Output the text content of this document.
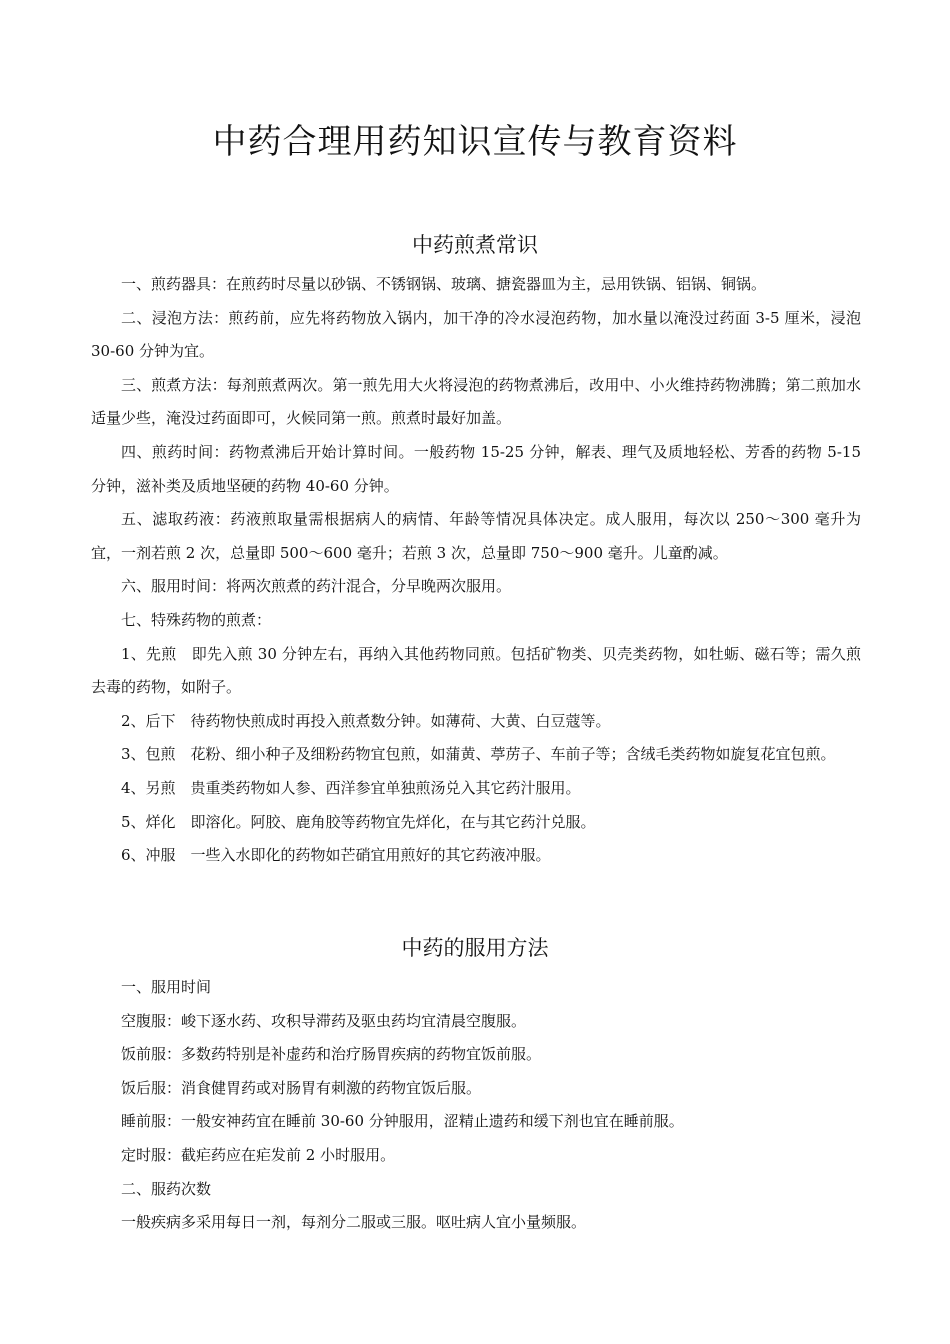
中药合理用药知识宣传与教育资料
中药煎煮常识

一、煎药器具：在煎药时尽量以砂锅、不锈钢锅、玻璃、搪瓷器皿为主，忌用铁锅、铝锅、铜锅。

二、浸泡方法：煎药前，应先将药物放入锅内，加干净的冷水浸泡药物，加水量以淹没过药面 3-5 厘米，浸泡 30-60 分钟为宜。

三、煎煮方法：每剂煎煮两次。第一煎先用大火将浸泡的药物煮沸后，改用中、小火维持药物沸腾；第二煎加水适量少些，淹没过药面即可，火候同第一煎。煎煮时最好加盖。

四、煎药时间：药物煮沸后开始计算时间。一般药物 15-25 分钟，解表、理气及质地轻松、芳香的药物 5-15 分钟，滋补类及质地坚硬的药物 40-60 分钟。

五、滤取药液：药液煎取量需根据病人的病情、年龄等情况具体决定。成人服用，每次以 250～300 毫升为宜，一剂若煎 2 次，总量即 500～600 毫升；若煎 3 次，总量即 750～900 毫升。儿童酌减。

六、服用时间：将两次煎煮的药汁混合，分早晚两次服用。

七、特殊药物的煎煮：

1、先煎　即先入煎 30 分钟左右，再纳入其他药物同煎。包括矿物类、贝壳类药物，如牡蛎、磁石等；需久煎去毒的药物，如附子。

2、后下　待药物快煎成时再投入煎煮数分钟。如薄荷、大黄、白豆蔻等。

3、包煎　花粉、细小种子及细粉药物宜包煎，如蒲黄、葶苈子、车前子等；含绒毛类药物如旋复花宜包煎。

4、另煎　贵重类药物如人参、西洋参宜单独煎汤兑入其它药汁服用。

5、烊化　即溶化。阿胶、鹿角胶等药物宜先烊化，在与其它药汁兑服。

6、冲服　一些入水即化的药物如芒硝宜用煎好的其它药液冲服。

中药的服用方法

一、服用时间

空腹服：峻下逐水药、攻积导滞药及驱虫药均宜清晨空腹服。

饭前服：多数药特别是补虚药和治疗肠胃疾病的药物宜饭前服。

饭后服：消食健胃药或对肠胃有刺激的药物宜饭后服。

睡前服：一般安神药宜在睡前 30-60 分钟服用，涩精止遗药和缓下剂也宜在睡前服。

定时服：截疟药应在疟发前 2 小时服用。

二、服药次数

一般疾病多采用每日一剂，每剂分二服或三服。呕吐病人宜小量频服。
